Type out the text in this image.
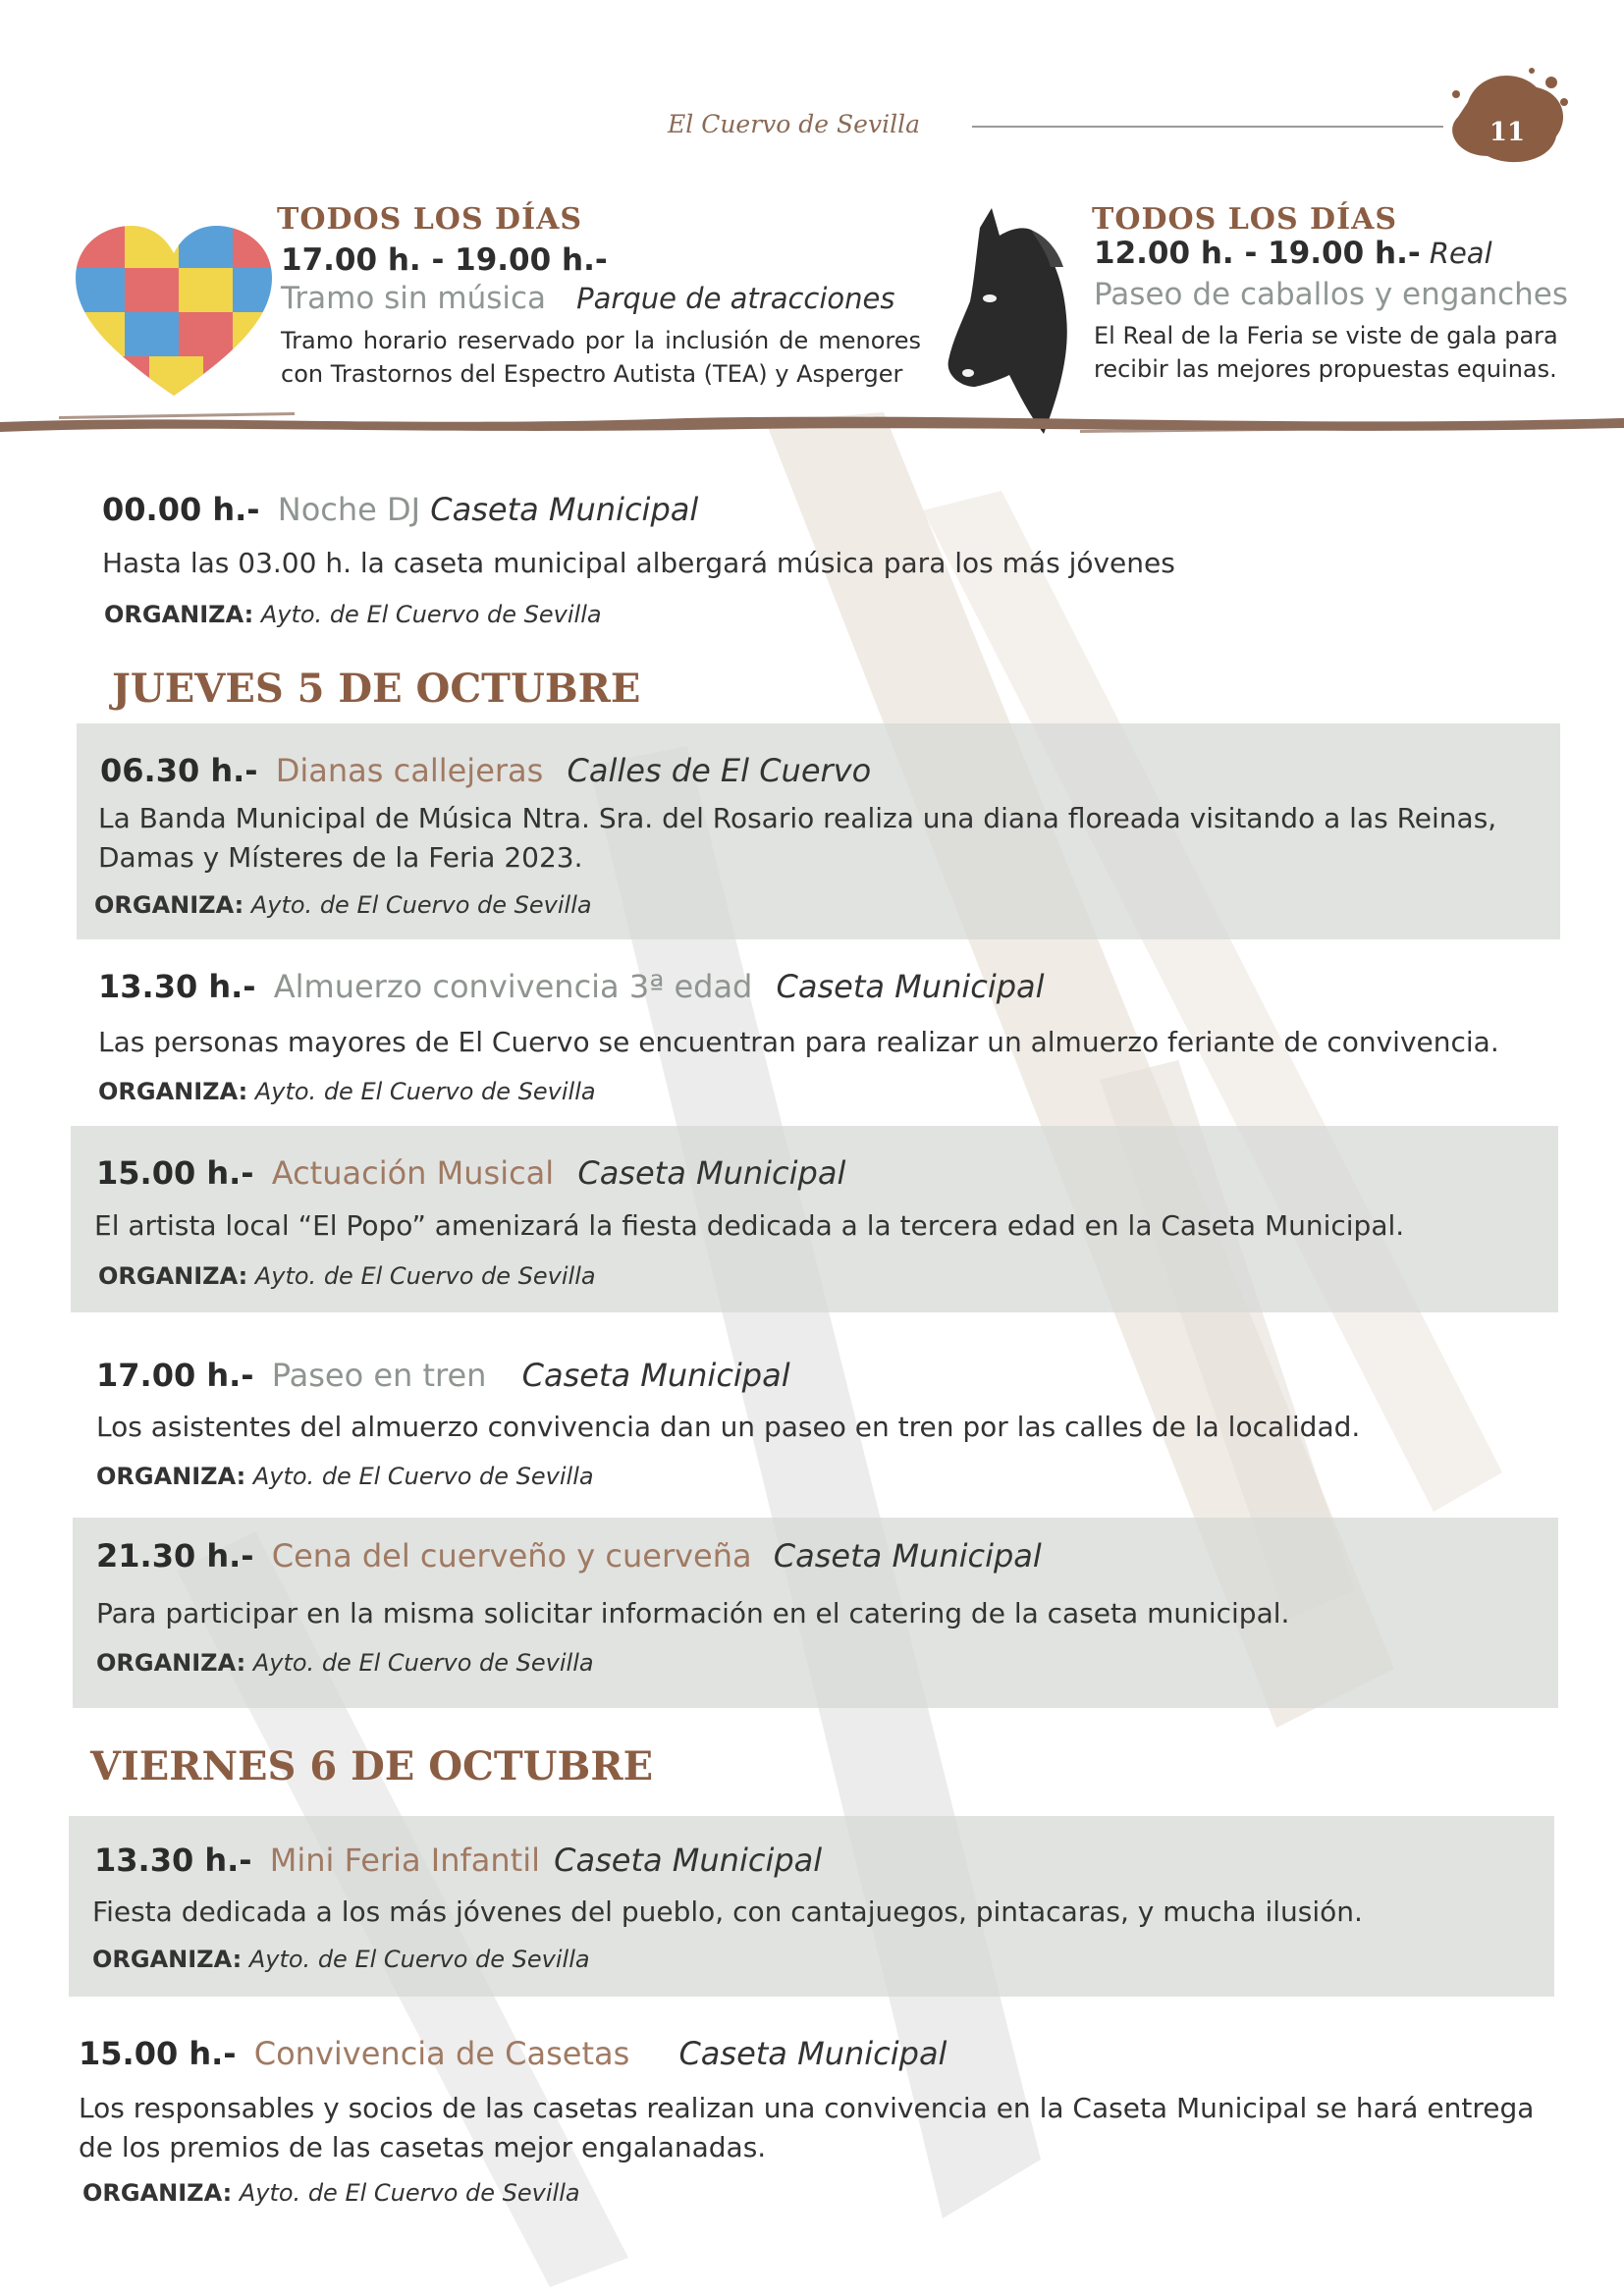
El Cuervo de Sevilla	11
TODOS LOS DÍAS
17.00 h. - 19.00 h.-
Tramo sin música Parque de atracciones
Tramo horario reservado por la inclusión de menores con Trastornos del Espectro Autista (TEA) y Asperger
TODOS LOS DÍAS
12.00 h. - 19.00 h.- Real
Paseo de caballos y enganches
El Real de la Feria se viste de gala para recibir las mejores propuestas equinas.
00.00 h.- Noche DJ Caseta Municipal
Hasta las 03.00 h. la caseta municipal albergará música para los más jóvenes
ORGANIZA: Ayto. de El Cuervo de Sevilla
JUEVES 5 DE OCTUBRE
06.30 h.- Dianas callejeras Calles de El Cuervo
La Banda Municipal de Música Ntra. Sra. del Rosario realiza una diana floreada visitando a las Reinas, Damas y Místeres de la Feria 2023.
ORGANIZA: Ayto. de El Cuervo de Sevilla
13.30 h.- Almuerzo convivencia 3ª edad Caseta Municipal
Las personas mayores de El Cuervo se encuentran para realizar un almuerzo feriante de convivencia.
ORGANIZA: Ayto. de El Cuervo de Sevilla
15.00 h.- Actuación Musical Caseta Municipal
El artista local “El Popo” amenizará la fiesta dedicada a la tercera edad en la Caseta Municipal.
ORGANIZA: Ayto. de El Cuervo de Sevilla
17.00 h.- Paseo en tren Caseta Municipal
Los asistentes del almuerzo convivencia dan un paseo en tren por las calles de la localidad.
ORGANIZA: Ayto. de El Cuervo de Sevilla
21.30 h.- Cena del cuerveño y cuerveña Caseta Municipal
Para participar en la misma solicitar información en el catering de la caseta municipal.
ORGANIZA: Ayto. de El Cuervo de Sevilla
VIERNES 6 DE OCTUBRE
13.30 h.- Mini Feria Infantil Caseta Municipal
Fiesta dedicada a los más jóvenes del pueblo, con cantajuegos, pintacaras, y mucha ilusión.
ORGANIZA: Ayto. de El Cuervo de Sevilla
15.00 h.- Convivencia de Casetas Caseta Municipal
Los responsables y socios de las casetas realizan una convivencia en la Caseta Municipal se hará entrega de los premios de las casetas mejor engalanadas.
ORGANIZA: Ayto. de El Cuervo de Sevilla
